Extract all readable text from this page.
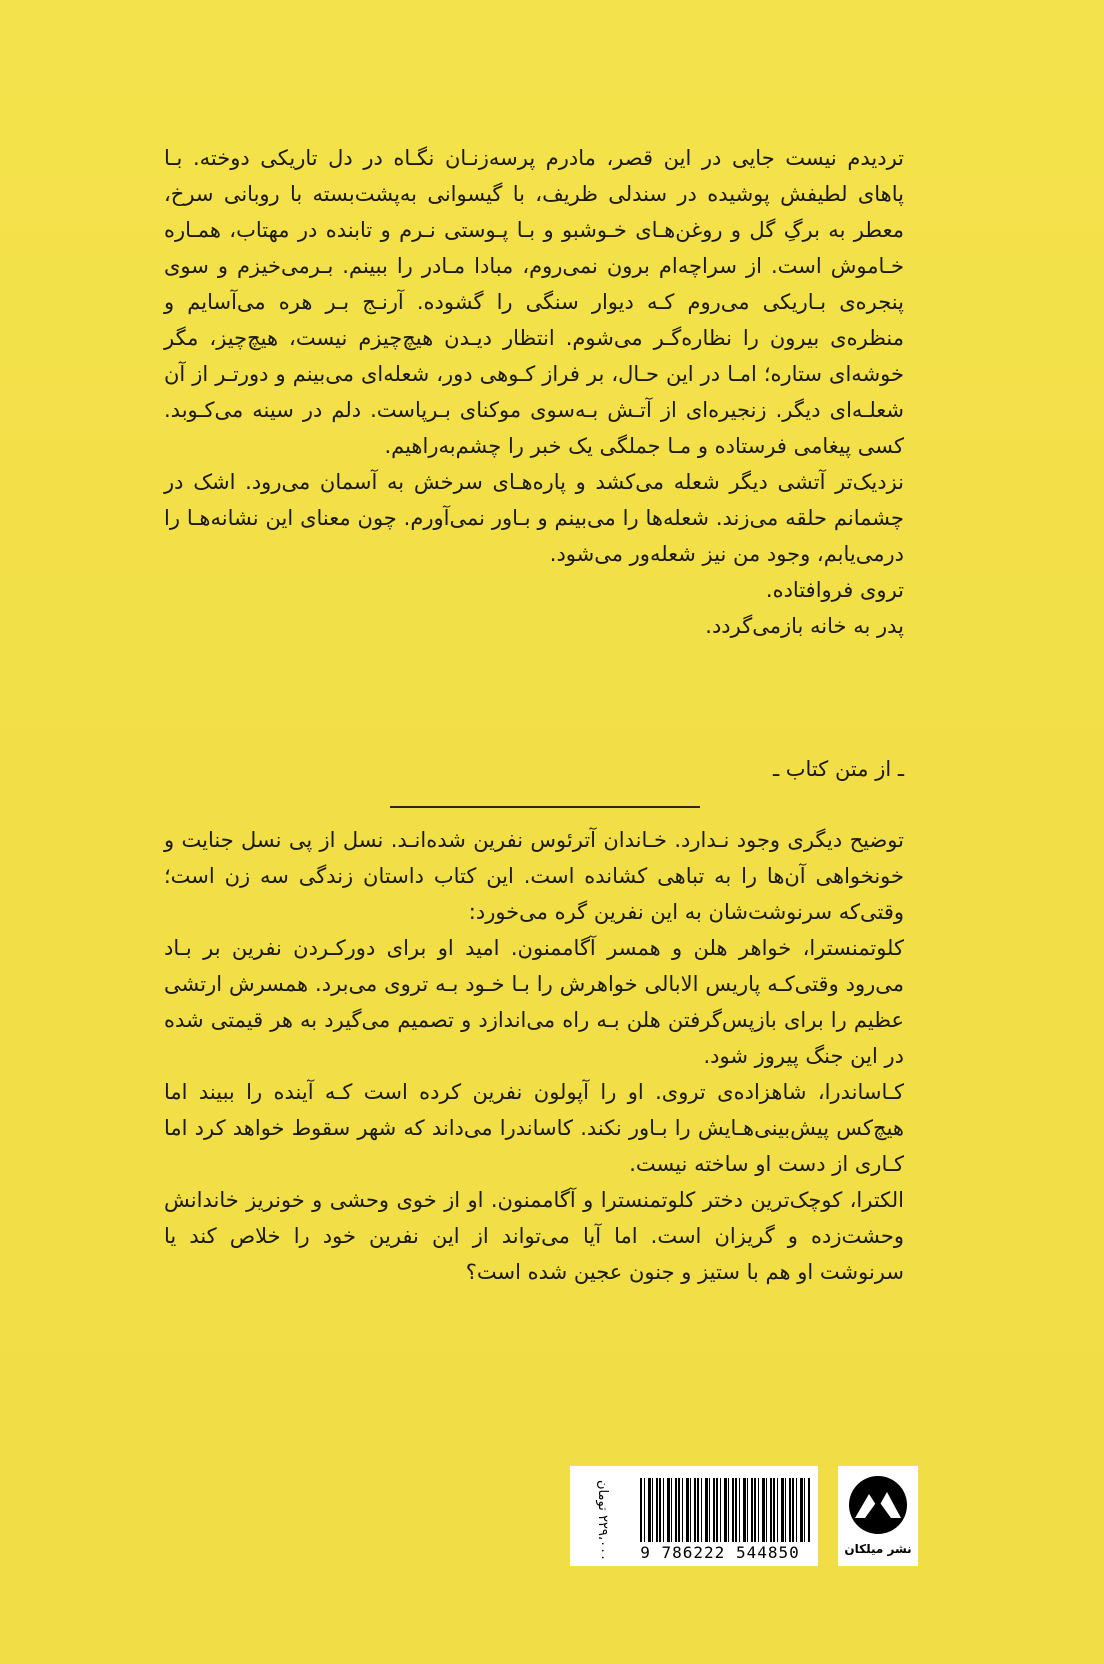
تردیدم نیست جایی در این قصر، مادرم پرسه‌زنـان نگـاه در دل تاریکی دوخته. بـا پاهای لطیفش پوشیده در سندلی ظریف، با گیسوانی به‌پشت‌بسته با روبانی سرخ، معطر به برگِ گل و روغن‌هـای خـوشبو و بـا پـوستی نـرم و تابنده در مهتاب، همـاره خـاموش است. از سراچه‌ام برون نمی‌روم، مبادا مـادر را ببینم. بـرمی‌خیزم و سوی پنجره‌ی بـاریکی می‌روم کـه دیوار سنگی را گشوده. آرنـج بـر هره می‌آسایم و منظره‌ی بیرون را نظاره‌گـر می‌شوم. انتظار دیـدن هیچ‌چیزم نیست، هیچ‌چیز، مگر خوشه‌ای ستاره؛ امـا در این حـال، بر فراز کـوهی دور، شعله‌ای می‌بینم و دورتـر از آن شعلـه‌ای دیگر. زنجیره‌ای از آتـش بـه‌سوی موکنای بـرپاست. دلم در سینه می‌کـوبد. کسی پیغامی فرستاده و مـا جملگی یک خبر را چشم‌به‌راهیم.

نزدیک‌تر آتشی دیگر شعله می‌کشد و پاره‌هـای سرخش به آسمان می‌رود. اشک در چشمانم حلقه می‌زند. شعله‌ها را می‌بینم و بـاور نمی‌آورم. چون معنای این نشانه‌هـا را درمی‌یابم، وجود من نیز شعله‌ور می‌شود.

تروی فروافتاده.

پدر به خانه بازمی‌گردد.

ـ از متن کتاب ـ

توضیح دیگری وجود نـدارد. خـاندان آترئوس نفرین شده‌انـد. نسل از پی نسل جنایت و خونخواهی آن‌ها را به تباهی کشانده است. این کتاب داستان زندگی سه زن است؛ وقتی‌که سرنوشت‌شان به این نفرین گره می‌خورد:

کلوتمنسترا، خواهر هلن و همسر آگاممنون. امید او برای دورکـردن نفرین بر بـاد می‌رود وقتی‌کـه پاریس الابالی خواهرش را بـا خـود بـه تروی می‌برد. همسرش ارتشی عظیم را برای بازپس‌گرفتن هلن بـه راه می‌اندازد و تصمیم می‌گیرد به هر قیمتی شده در این جنگ پیروز شود.

کـاساندرا، شاهزاده‌ی تروی. او را آپولون نفرین کرده است کـه آینده را ببیند اما هیچ‌کس پیش‌بینی‌هـایش را بـاور نکند. کاساندرا می‌داند که شهر سقوط خواهد کرد اما کـاری از دست او ساخته نیست.

الکترا، کوچک‌ترین دختر کلوتمنسترا و آگاممنون. او از خوی وحشی و خونریز خاندانش وحشت‌زده و گریزان است. اما آیا می‌تواند از این نفرین خود را خلاص کند یا سرنوشت او هم با ستیز و جنون عجین شده است؟

9 786222 544850
۲۲۹،۰۰۰ تومان	نشر میلکان
